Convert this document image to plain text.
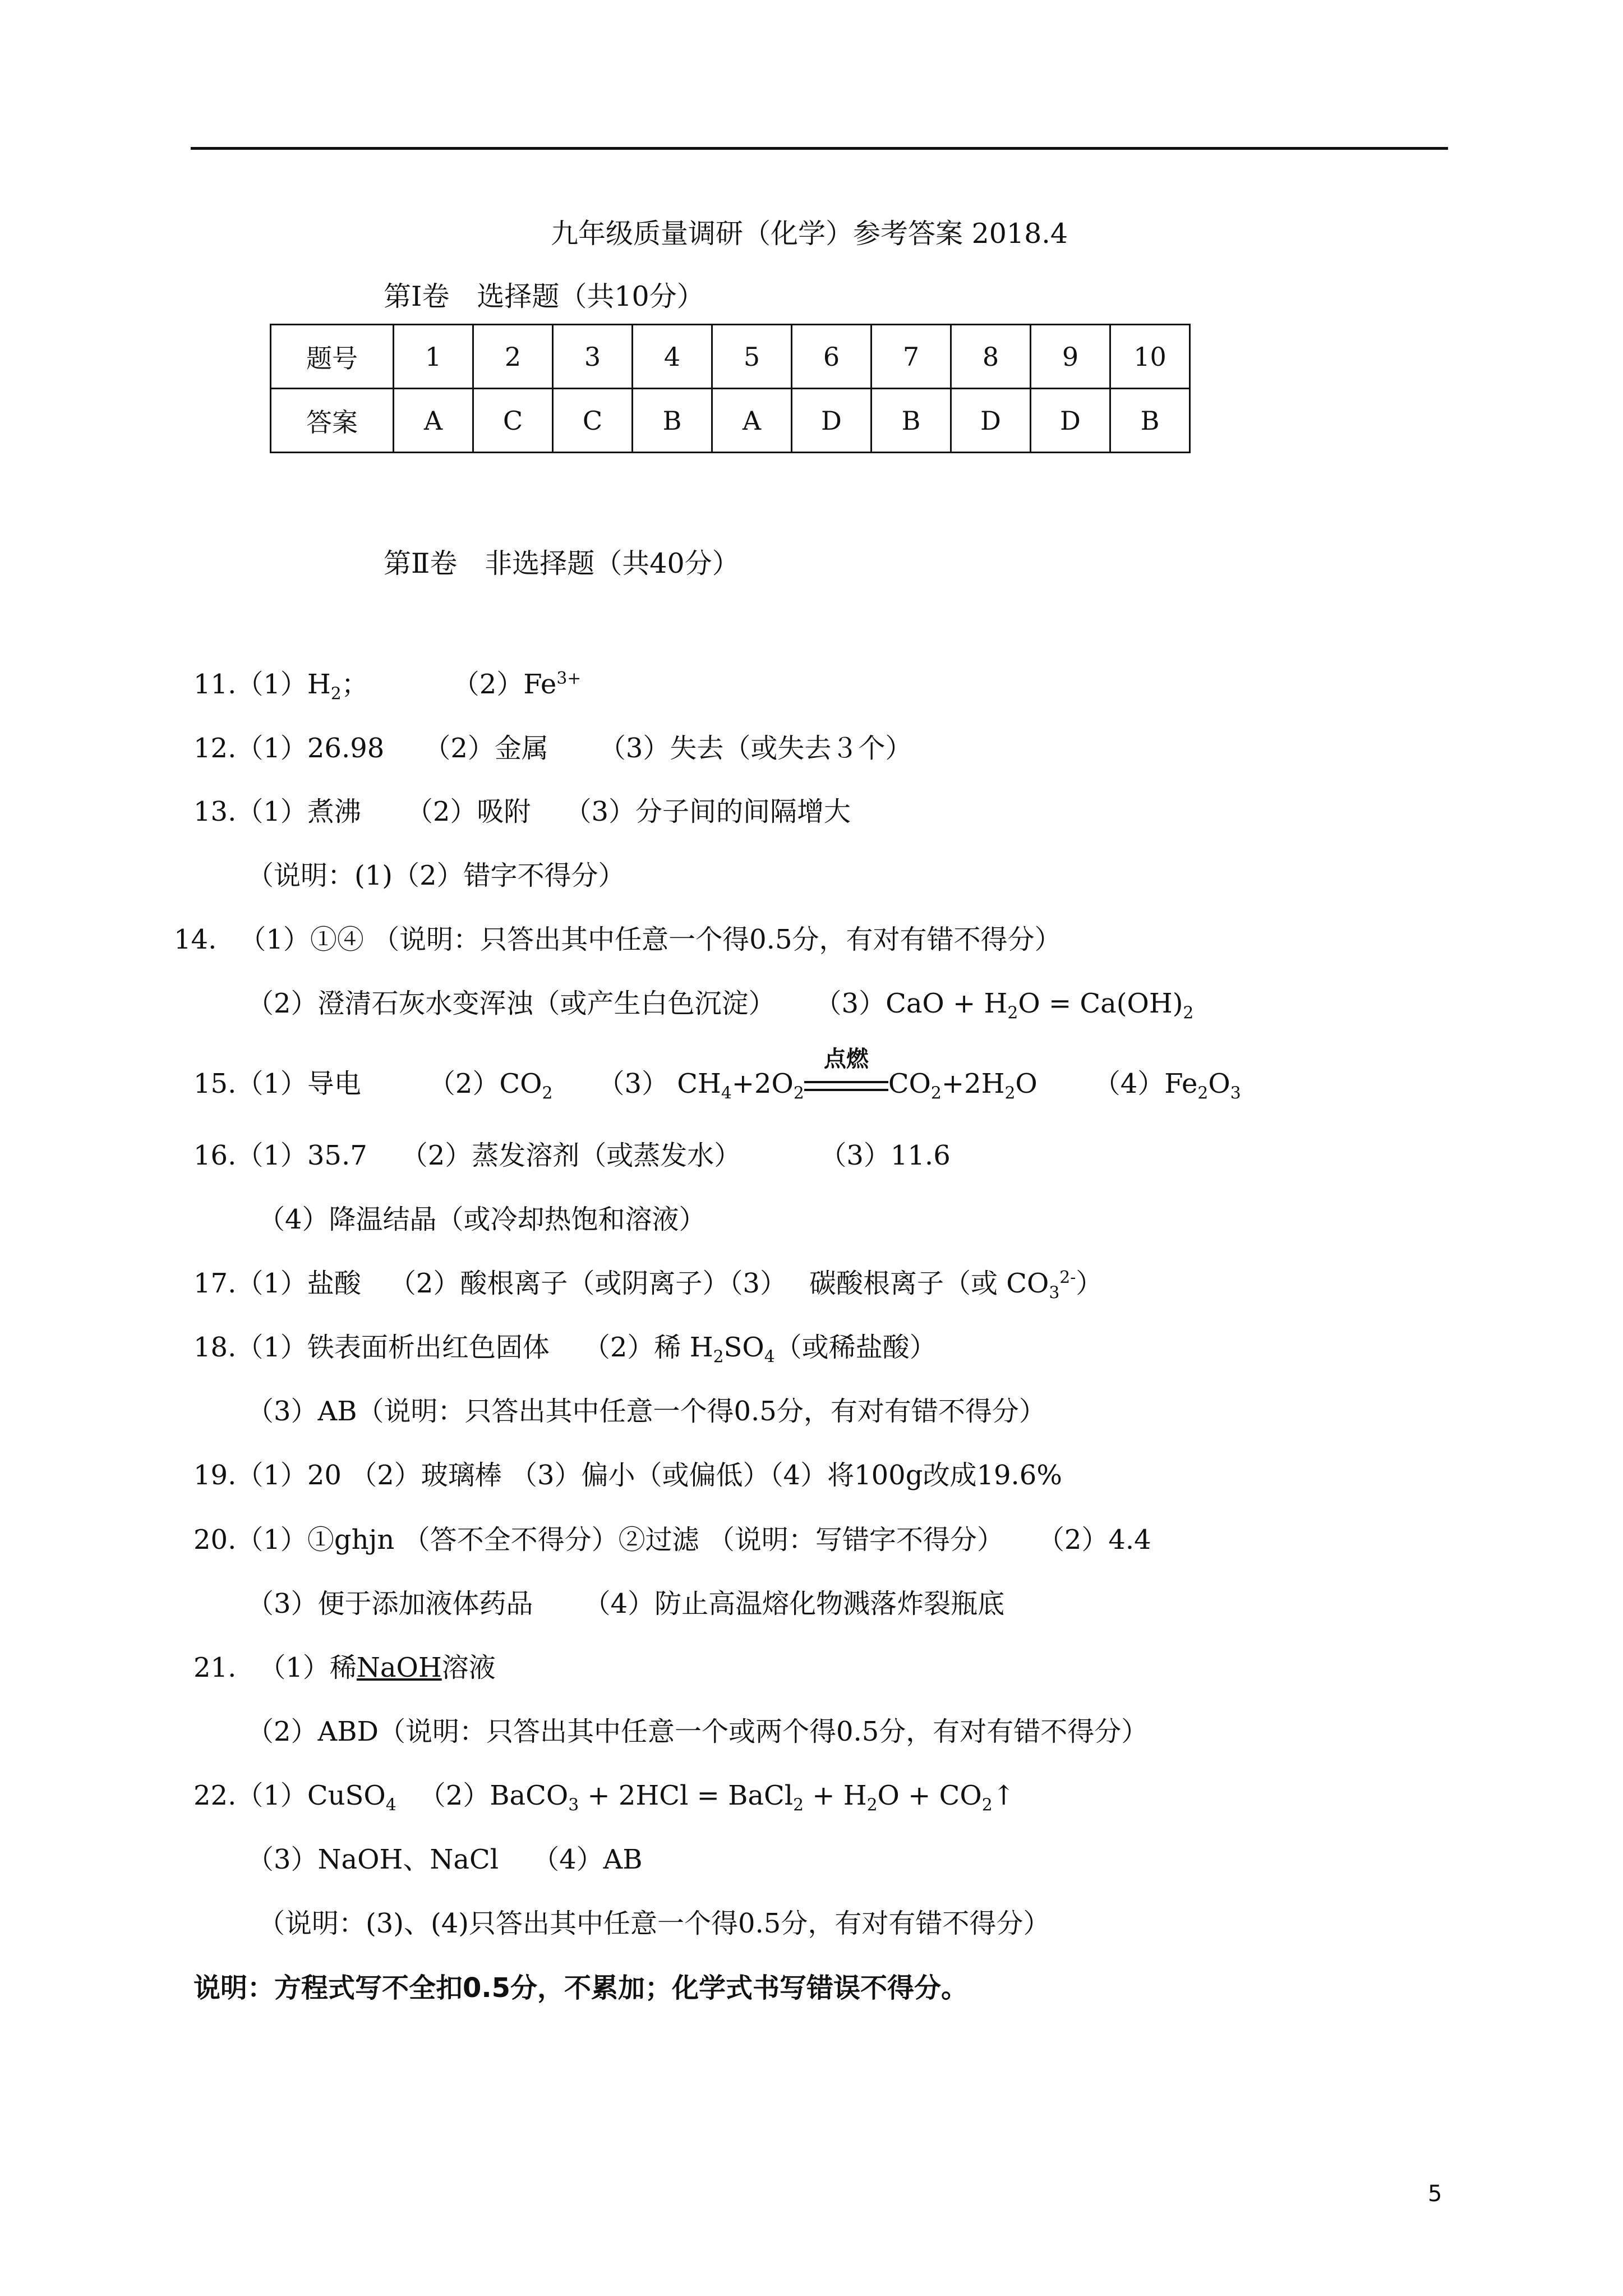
九年级质量调研（化学）参考答案 2018.4
第Ⅰ卷　选择题（共10分）
题号	1	2	3	4	5	6	7	8	9	10
答案	A	C	C	B	A	D	B	D	D	B
第Ⅱ卷　非选择题（共40分）
$11.(1)H_2$；	$(2)Fe^{3+}$
12.（1）26.98 （2）金属 （3）失去（或失去３个）
13.（1）煮沸 （2）吸附 （3）分子间的间隔增大
（说明：(1)（2）错字不得分）
14. （1）①④ （说明：只答出其中任意一个得0.5分，有对有错不得分）
（2）澄清石灰水变浑浊（或产生白色沉淀） $(3)CaO + H_2O = Ca(OH)_2$
15.（1）导电	$(2)CO_2$ （3） $CH_4+2O_2$
点燃
$CO_2+2H_2O$ $(4)Fe_2O_3$
16.（1）35.7 （2）蒸发溶剂（或蒸发水）	（3）11.6
（4）降温结晶（或冷却热饱和溶液）
17.（1）盐酸 （2）酸根离子（或阴离子）（3） 碳酸根离子（或 $CO_3^{2-}$）
18.（1）铁表面析出红色固体 （2）稀 $H_2SO_4$（或稀盐酸）
（3）AB（说明：只答出其中任意一个得0.5分，有对有错不得分）
19.（1）20 （2）玻璃棒 （3）偏小（或偏低）（4）将100g改成19.6%
20.（1）①ghjn （答不全不得分）②过滤 （说明：写错字不得分） （2）4.4
（3）便于添加液体药品 （4）防止高温熔化物溅落炸裂瓶底
21. （1）稀NaOH溶液
（2）ABD（说明：只答出其中任意一个或两个得0.5分，有对有错不得分）
22.（1）CuSO$_4$ （2）BaCO$_3$ + 2HCl = BaCl$_2$ + $H_2O$ + $CO_2↑$
（3）NaOH、NaCl （4）AB
（说明：(3)、(4)只答出其中任意一个得0.5分，有对有错不得分）
说明：方程式写不全扣0.5分，不累加；化学式书写错误不得分。
5
